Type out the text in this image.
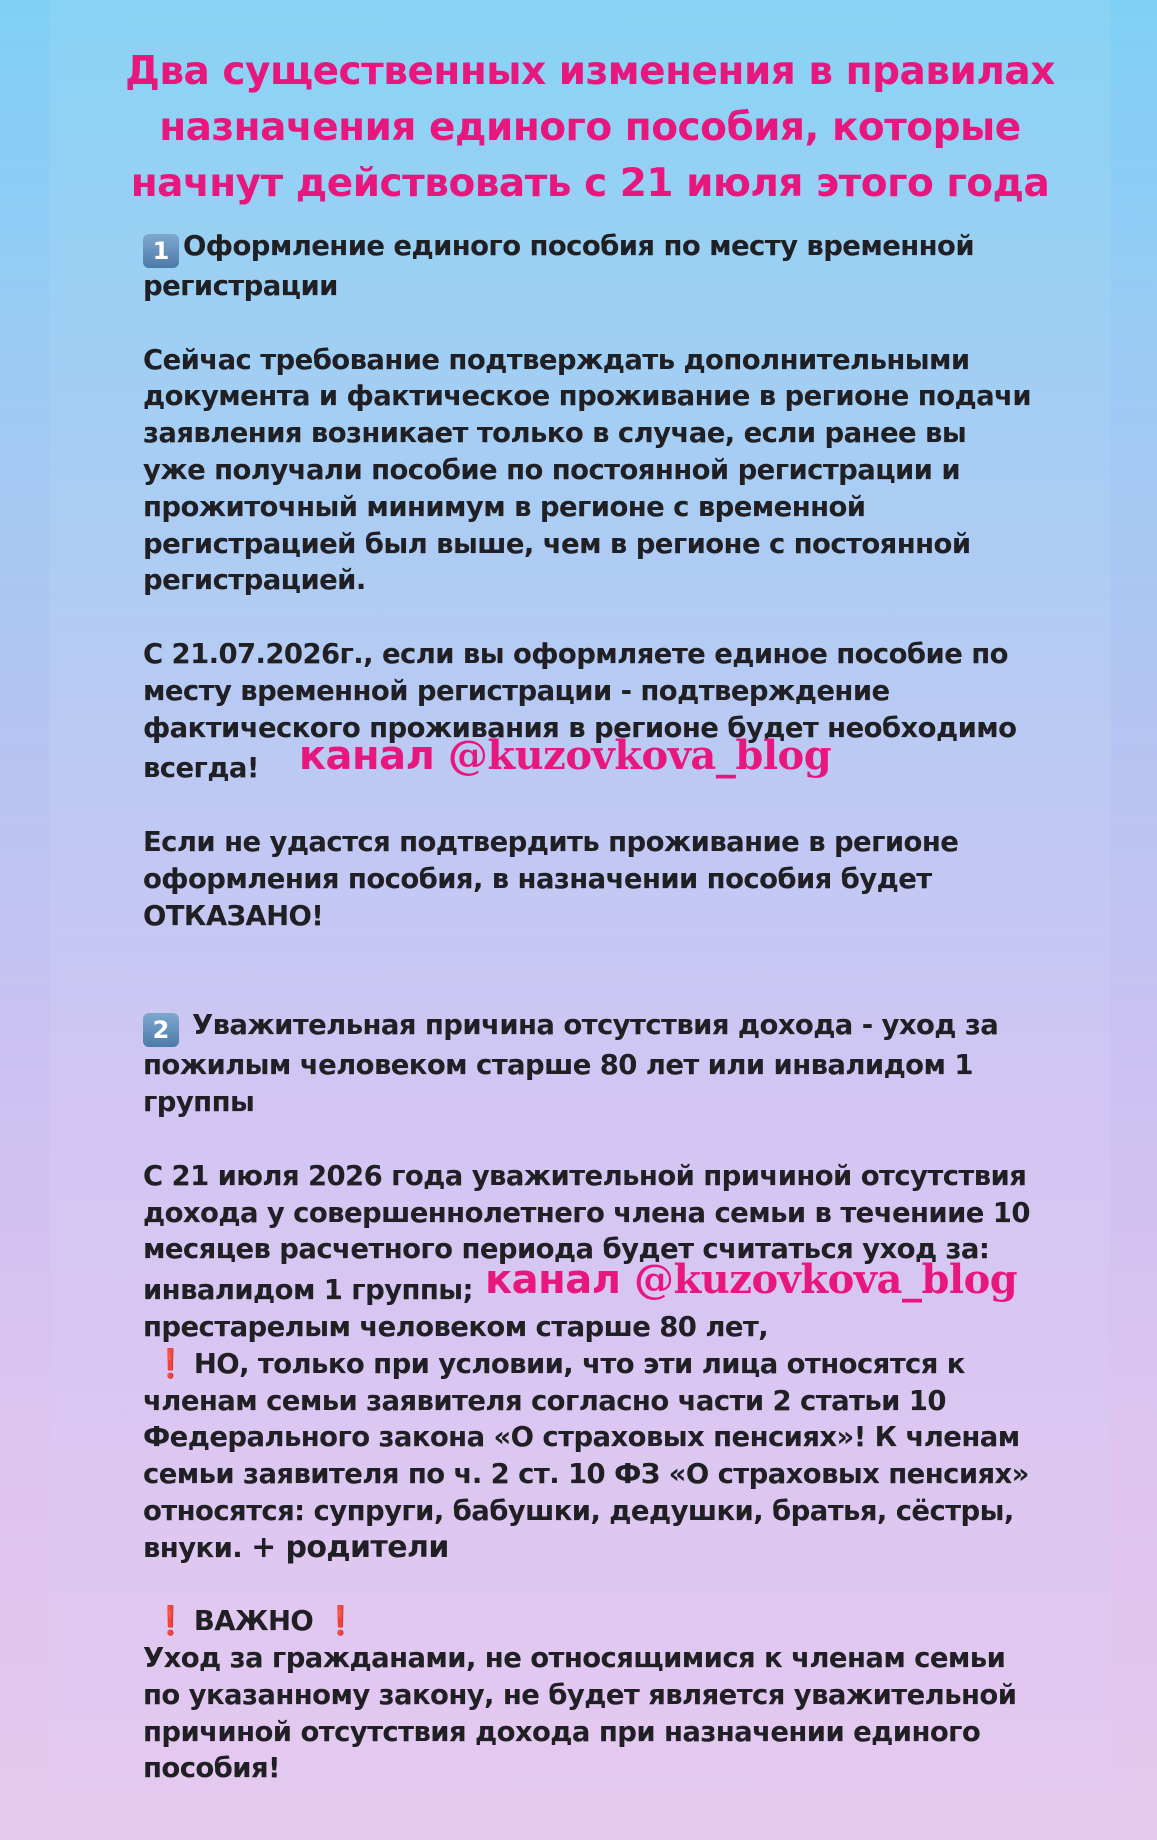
Два существенных изменения в правилах
назначения единого пособия, которые
начнут действовать с 21 июля этого года

1 Оформление единого пособия по месту временной

регистрации

Сейчас требование подтверждать дополнительными

документа и фактическое проживание в регионе подачи

заявления возникает только в случае, если ранее вы

уже получали пособие по постоянной регистрации и

прожиточный минимум в регионе с временной

регистрацией был выше, чем в регионе с постоянной

регистрацией.

С 21.07.2026г., если вы оформляете единое пособие по

месту временной регистрации - подтверждение

фактического проживания в регионе будет необходимо

всегда! канал @kuzovkova_blog

Если не удастся подтвердить проживание в регионе

оформления пособия, в назначении пособия будет

ОТКАЗАНО!

2 Уважительная причина отсутствия дохода - уход за

пожилым человеком старше 80 лет или инвалидом 1

группы

С 21 июля 2026 года уважительной причиной отсутствия

дохода у совершеннолетнего члена семьи в течениие 10

месяцев расчетного периода будет считаться уход за:

инвалидом 1 группы; канал @kuzovkova_blog

престарелым человеком старше 80 лет,

❗ НО, только при условии, что эти лица относятся к

членам семьи заявителя согласно части 2 статьи 10

Федерального закона «О страховых пенсиях»! К членам

семьи заявителя по ч. 2 ст. 10 ФЗ «О страховых пенсиях»

относятся: супруги, бабушки, дедушки, братья, сёстры,

внуки. + родители

❗ ВАЖНО ❗

Уход за гражданами, не относящимися к членам семьи

по указанному закону, не будет является уважительной

причиной отсутствия дохода при назначении единого

пособия!
